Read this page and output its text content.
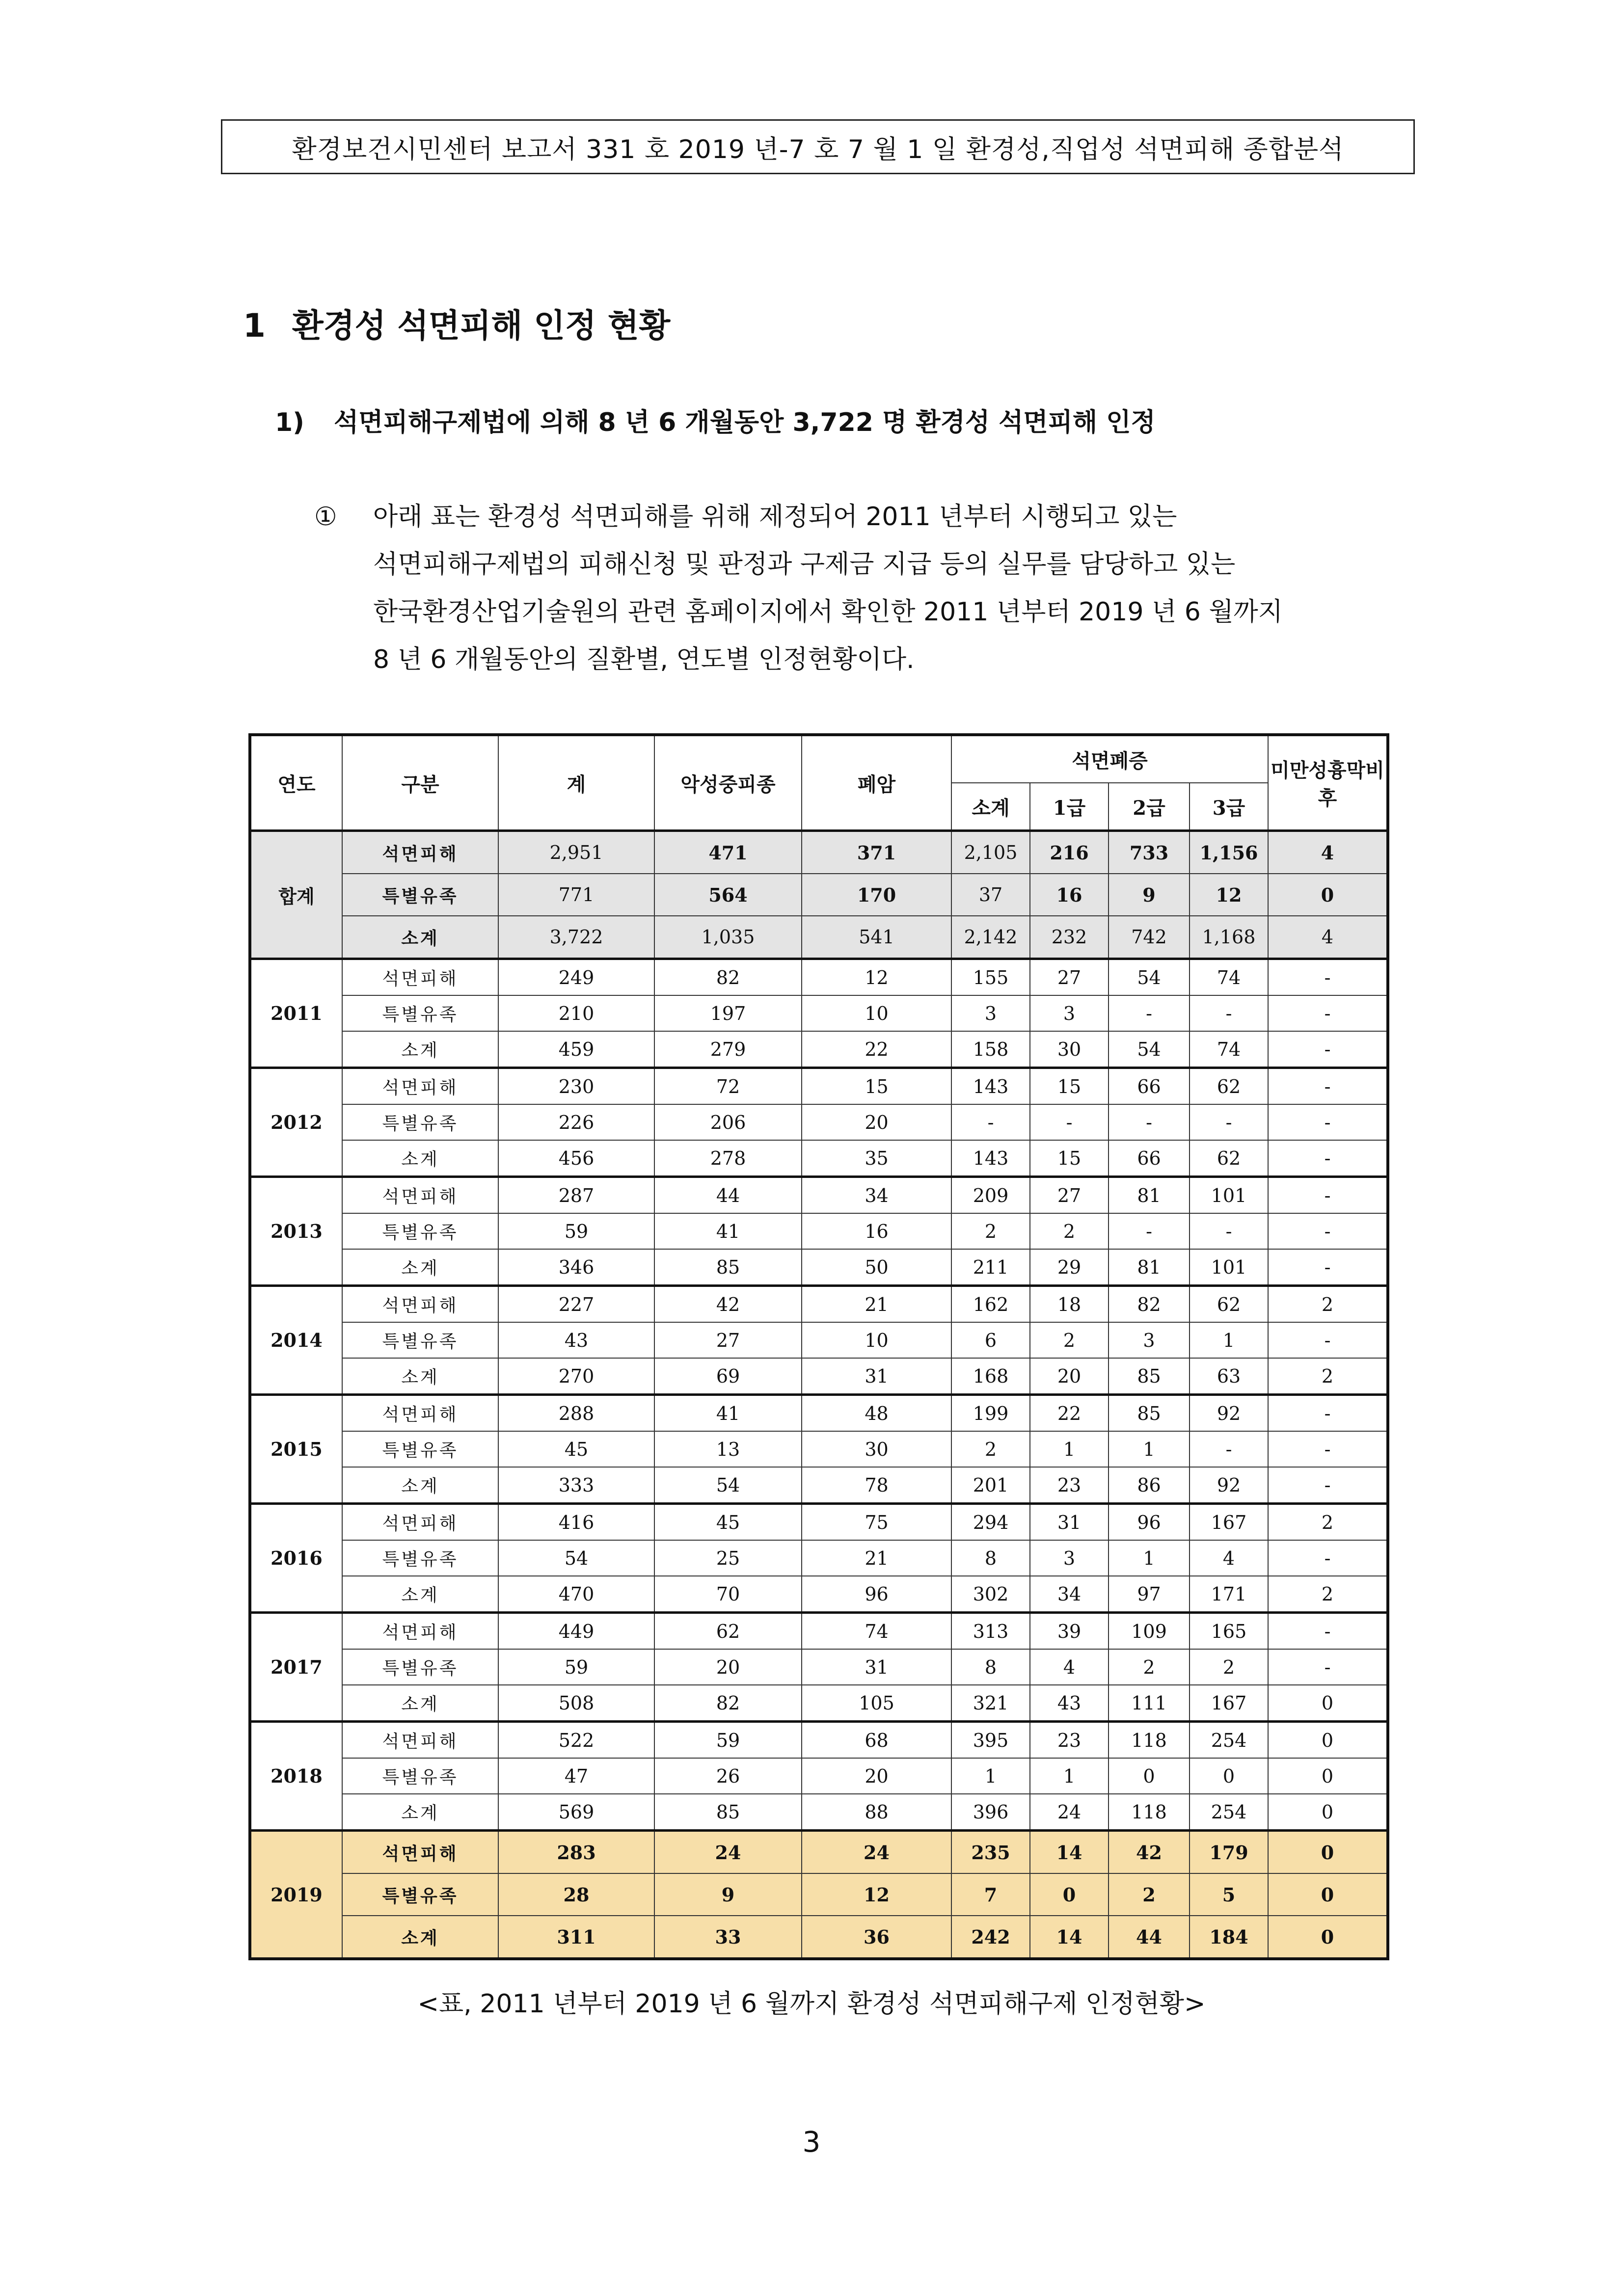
환경보건시민센터 보고서 331 호 2019 년-7 호 7 월 1 일 환경성,직업성 석면피해 종합분석
1 환경성 석면피해 인정 현황
1) 석면피해구제법에 의해 8 년 6 개월동안 3,722 명 환경성 석면피해 인정
① 아래 표는 환경성 석면피해를 위해 제정되어 2011 년부터 시행되고 있는
석면피해구제법의 피해신청 및 판정과 구제금 지급 등의 실무를 담당하고 있는
한국환경산업기술원의 관련 홈페이지에서 확인한 2011 년부터 2019 년 6 월까지
8 년 6 개월동안의 질환별, 연도별 인정현황이다.
연도	구분	계	악성중피종	폐암	석면폐증				미만성흉막비후
					소계	1급	2급	3급	
합계	석면피해	2,951	471	371	2,105	216	733	1,156	4
	특별유족	771	564	170	37	16	9	12	0
	소계	3,722	1,035	541	2,142	232	742	1,168	4
2011	석면피해	249	82	12	155	27	54	74	-
	특별유족	210	197	10	3	3	-	-	-
	소계	459	279	22	158	30	54	74	-
2012	석면피해	230	72	15	143	15	66	62	-
	특별유족	226	206	20	-	-	-	-	-
	소계	456	278	35	143	15	66	62	-
2013	석면피해	287	44	34	209	27	81	101	-
	특별유족	59	41	16	2	2	-	-	-
	소계	346	85	50	211	29	81	101	-
2014	석면피해	227	42	21	162	18	82	62	2
	특별유족	43	27	10	6	2	3	1	-
	소계	270	69	31	168	20	85	63	2
2015	석면피해	288	41	48	199	22	85	92	-
	특별유족	45	13	30	2	1	1	-	-
	소계	333	54	78	201	23	86	92	-
2016	석면피해	416	45	75	294	31	96	167	2
	특별유족	54	25	21	8	3	1	4	-
	소계	470	70	96	302	34	97	171	2
2017	석면피해	449	62	74	313	39	109	165	-
	특별유족	59	20	31	8	4	2	2	-
	소계	508	82	105	321	43	111	167	0
2018	석면피해	522	59	68	395	23	118	254	0
	특별유족	47	26	20	1	1	0	0	0
	소계	569	85	88	396	24	118	254	0
2019	석면피해	283	24	24	235	14	42	179	0
	특별유족	28	9	12	7	0	2	5	0
	소계	311	33	36	242	14	44	184	0
<표, 2011 년부터 2019 년 6 월까지 환경성 석면피해구제 인정현황>
3
